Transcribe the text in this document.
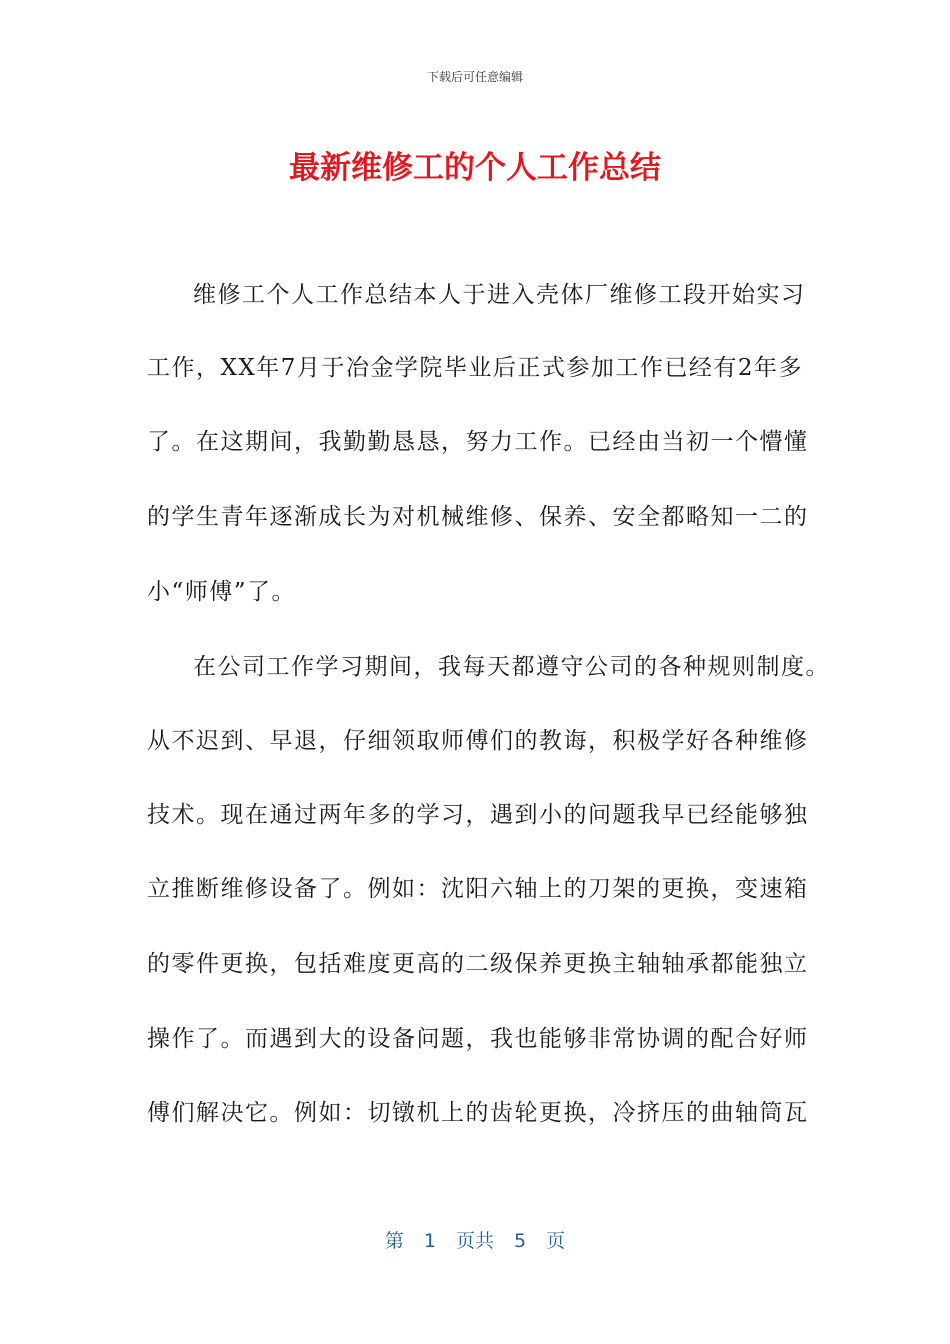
下载后可任意编辑
最新维修工的个人工作总结
维修工个人工作总结本人于进入壳体厂维修工段开始实习
工作，XX年7月于冶金学院毕业后正式参加工作已经有2年多
了。在这期间，我勤勤恳恳，努力工作。已经由当初一个懵懂
的学生青年逐渐成长为对机械维修、保养、安全都略知一二的
小“师傅”了。
在公司工作学习期间，我每天都遵守公司的各种规则制度。
从不迟到、早退，仔细领取师傅们的教诲，积极学好各种维修
技术。现在通过两年多的学习，遇到小的问题我早已经能够独
立推断维修设备了。例如：沈阳六轴上的刀架的更换，变速箱
的零件更换，包括难度更高的二级保养更换主轴轴承都能独立
操作了。而遇到大的设备问题，我也能够非常协调的配合好师
傅们解决它。例如：切镦机上的齿轮更换，冷挤压的曲轴筒瓦
第 1 页共 5 页
